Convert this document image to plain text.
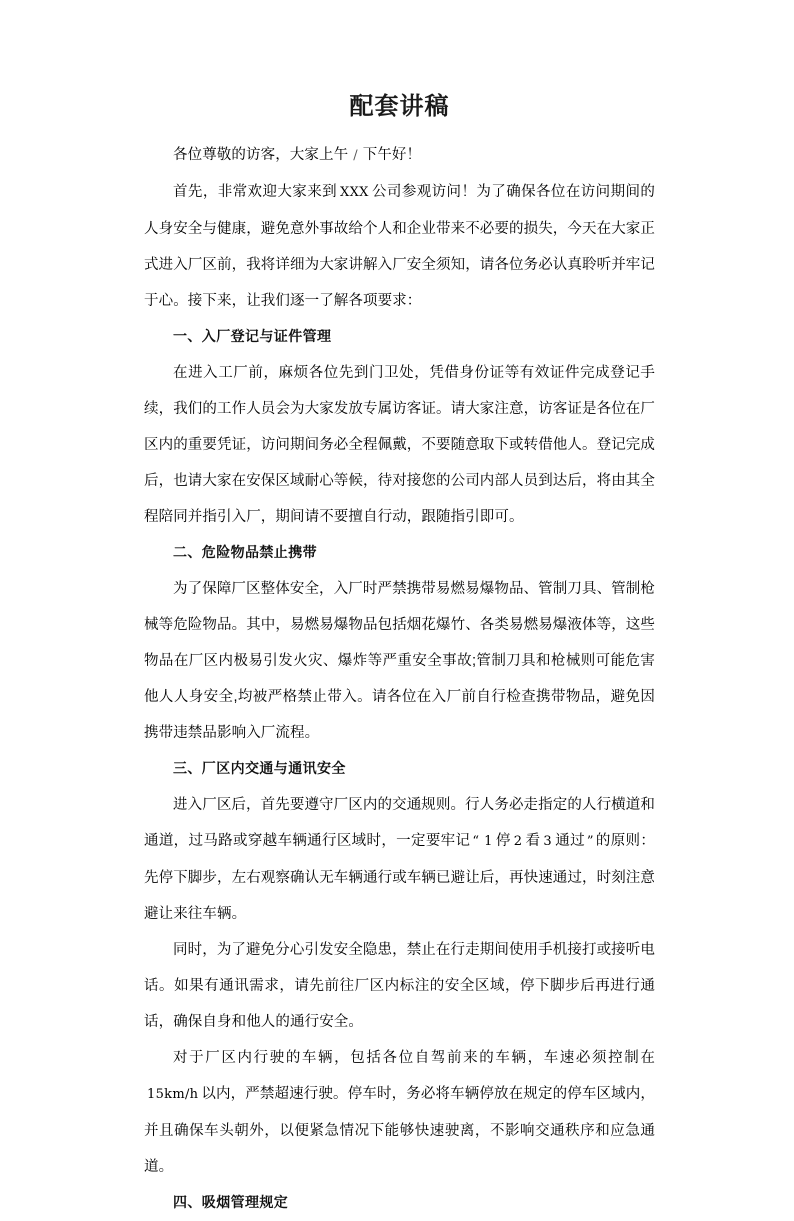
配套讲稿

各位尊敬的访客，大家上午 / 下午好！

首先，非常欢迎大家来到 XXX 公司参观访问！为了确保各位在访问期间的人身安全与健康，避免意外事故给个人和企业带来不必要的损失，今天在大家正式进入厂区前，我将详细为大家讲解入厂安全须知，请各位务必认真聆听并牢记于心。接下来，让我们逐一了解各项要求：

一、入厂登记与证件管理

在进入工厂前，麻烦各位先到门卫处，凭借身份证等有效证件完成登记手续，我们的工作人员会为大家发放专属访客证。请大家注意，访客证是各位在厂区内的重要凭证，访问期间务必全程佩戴，不要随意取下或转借他人。登记完成后，也请大家在安保区域耐心等候，待对接您的公司内部人员到达后，将由其全程陪同并指引入厂，期间请不要擅自行动，跟随指引即可。

二、危险物品禁止携带

为了保障厂区整体安全，入厂时严禁携带易燃易爆物品、管制刀具、管制枪械等危险物品。其中，易燃易爆物品包括烟花爆竹、各类易燃易爆液体等，这些物品在厂区内极易引发火灾、爆炸等严重安全事故;管制刀具和枪械则可能危害他人人身安全,均被严格禁止带入。请各位在入厂前自行检查携带物品，避免因携带违禁品影响入厂流程。

三、厂区内交通与通讯安全

进入厂区后，首先要遵守厂区内的交通规则。行人务必走指定的人行横道和通道，过马路或穿越车辆通行区域时，一定要牢记 “ 1 停 2 看 3 通过 ” 的原则：先停下脚步，左右观察确认无车辆通行或车辆已避让后，再快速通过，时刻注意避让来往车辆。

同时，为了避免分心引发安全隐患，禁止在行走期间使用手机接打或接听电话。如果有通讯需求，请先前往厂区内标注的安全区域，停下脚步后再进行通话，确保自身和他人的通行安全。

对于厂区内行驶的车辆，包括各位自驾前来的车辆，车速必须控制在15km/h 以内，严禁超速行驶。停车时，务必将车辆停放在规定的停车区域内，并且确保车头朝外，以便紧急情况下能够快速驶离，不影响交通秩序和应急通道。

四、吸烟管理规定
